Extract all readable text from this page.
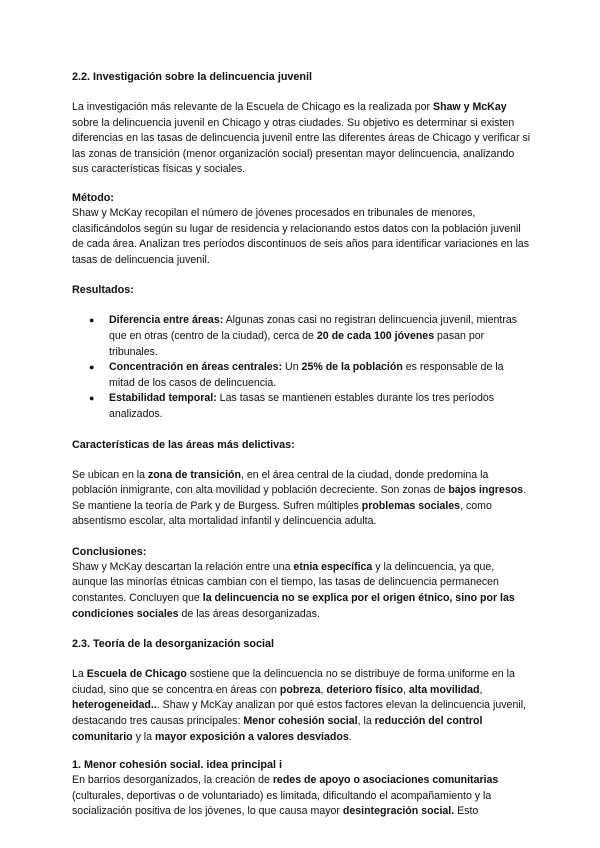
2.2. Investigación sobre la delincuencia juvenil

La investigación más relevante de la Escuela de Chicago es la realizada por Shaw y McKay sobre la delincuencia juvenil en Chicago y otras ciudades. Su objetivo es determinar si existen diferencias en las tasas de delincuencia juvenil entre las diferentes áreas de Chicago y verificar si las zonas de transición (menor organización social) presentan mayor delincuencia, analizando sus características físicas y sociales.

Método:

Shaw y McKay recopilan el número de jóvenes procesados en tribunales de menores, clasificándolos según su lugar de residencia y relacionando estos datos con la población juvenil de cada área. Analizan tres períodos discontinuos de seis años para identificar variaciones en las tasas de delincuencia juvenil.

Resultados:
● Diferencia entre áreas: Algunas zonas casi no registran delincuencia juvenil, mientras que en otras (centro de la ciudad), cerca de 20 de cada 100 jóvenes pasan por tribunales.
● Concentración en áreas centrales: Un 25% de la población es responsable de la mitad de los casos de delincuencia.
● Estabilidad temporal: Las tasas se mantienen estables durante los tres períodos analizados.
Características de las áreas más delictivas:

Se ubican en la zona de transición, en el área central de la ciudad, donde predomina la población inmigrante, con alta movilidad y población decreciente. Son zonas de bajos ingresos. Se mantiene la teoría de Park y de Burgess. Sufren múltiples problemas sociales, como absentismo escolar, alta mortalidad infantil y delincuencia adulta.

Conclusiones:

Shaw y McKay descartan la relación entre una etnia específica y la delincuencia, ya que, aunque las minorías étnicas cambian con el tiempo, las tasas de delincuencia permanecen constantes. Concluyen que la delincuencia no se explica por el origen étnico, sino por las condiciones sociales de las áreas desorganizadas.

2.3. Teoría de la desorganización social

La Escuela de Chicago sostiene que la delincuencia no se distribuye de forma uniforme en la ciudad, sino que se concentra en áreas con pobreza, deterioro físico, alta movilidad, heterogeneidad... Shaw y McKay analizan por qué estos factores elevan la delincuencia juvenil, destacando tres causas principales: Menor cohesión social, la reducción del control comunitario y la mayor exposición a valores desviados.

1. Menor cohesión social. idea principal i

En barrios desorganizados, la creación de redes de apoyo o asociaciones comunitarias (culturales, deportivas o de voluntariado) es limitada, dificultando el acompañamiento y la socialización positiva de los jóvenes, lo que causa mayor desintegración social. Esto
